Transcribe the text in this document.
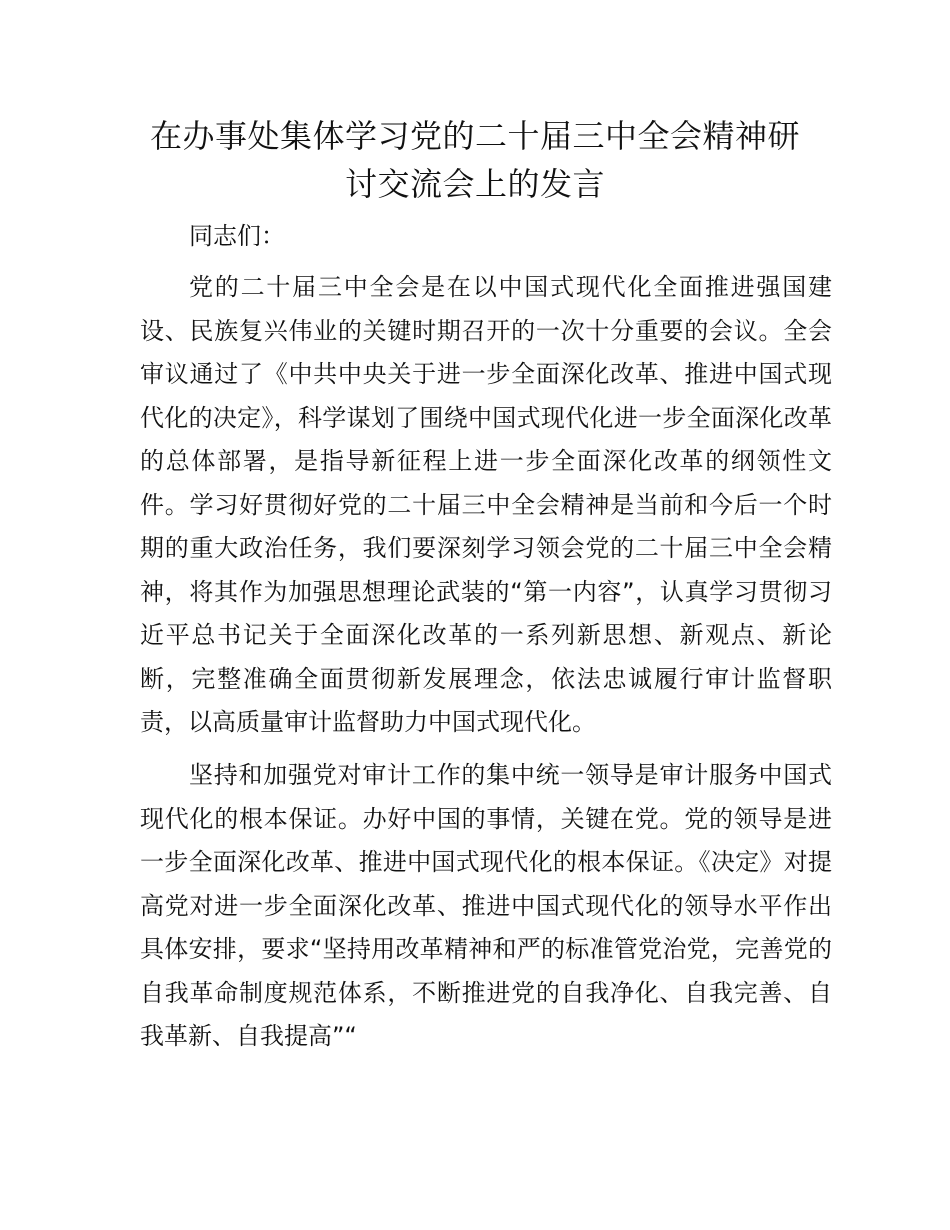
在办事处集体学习党的二十届三中全会精神研
讨交流会上的发言

同志们：

党的二十届三中全会是在以中国式现代化全面推进强国建设、民族复兴伟业的关键时期召开的一次十分重要的会议。全会审议通过了《中共中央关于进一步全面深化改革、推进中国式现代化的决定》，科学谋划了围绕中国式现代化进一步全面深化改革的总体部署，是指导新征程上进一步全面深化改革的纲领性文件。学习好贯彻好党的二十届三中全会精神是当前和今后一个时期的重大政治任务，我们要深刻学习领会党的二十届三中全会精神，将其作为加强思想理论武装的“第一内容”，认真学习贯彻习近平总书记关于全面深化改革的一系列新思想、新观点、新论断，完整准确全面贯彻新发展理念，依法忠诚履行审计监督职责，以高质量审计监督助力中国式现代化。

坚持和加强党对审计工作的集中统一领导是审计服务中国式现代化的根本保证。办好中国的事情，关键在党。党的领导是进一步全面深化改革、推进中国式现代化的根本保证。《决定》对提高党对进一步全面深化改革、推进中国式现代化的领导水平作出具体安排，要求“坚持用改革精神和严的标准管党治党，完善党的自我革命制度规范体系，不断推进党的自我净化、自我完善、自我革新、自我提高”“
